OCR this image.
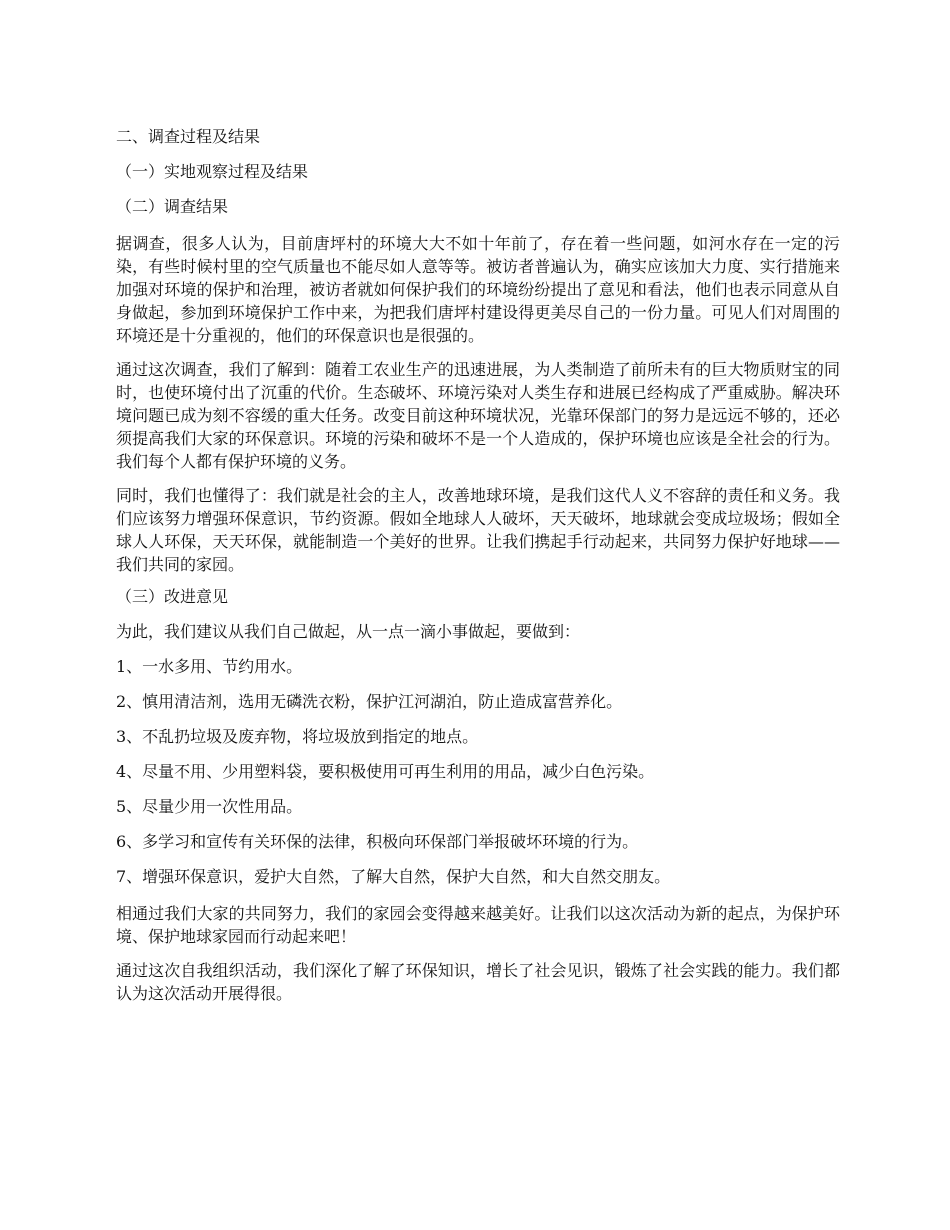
二、调查过程及结果
（一）实地观察过程及结果
（二）调查结果
据调查，很多人认为，目前唐坪村的环境大大不如十年前了，存在着一些问题，如河水存在一定的污染，有些时候村里的空气质量也不能尽如人意等等。被访者普遍认为，确实应该加大力度、实行措施来加强对环境的保护和治理，被访者就如何保护我们的环境纷纷提出了意见和看法，他们也表示同意从自身做起，参加到环境保护工作中来，为把我们唐坪村建设得更美尽自己的一份力量。可见人们对周围的环境还是十分重视的，他们的环保意识也是很强的。
通过这次调查，我们了解到：随着工农业生产的迅速进展，为人类制造了前所未有的巨大物质财宝的同时，也使环境付出了沉重的代价。生态破坏、环境污染对人类生存和进展已经构成了严重威胁。解决环境问题已成为刻不容缓的重大任务。改变目前这种环境状况，光靠环保部门的努力是远远不够的，还必须提高我们大家的环保意识。环境的污染和破坏不是一个人造成的，保护环境也应该是全社会的行为。我们每个人都有保护环境的义务。
同时，我们也懂得了：我们就是社会的主人，改善地球环境，是我们这代人义不容辞的责任和义务。我们应该努力增强环保意识，节约资源。假如全地球人人破坏，天天破坏，地球就会变成垃圾场；假如全球人人环保，天天环保，就能制造一个美好的世界。让我们携起手行动起来，共同努力保护好地球——我们共同的家园。
（三）改进意见
为此，我们建议从我们自己做起，从一点一滴小事做起，要做到：
1、一水多用、节约用水。
2、慎用清洁剂，选用无磷洗衣粉，保护江河湖泊，防止造成富营养化。
3、不乱扔垃圾及废弃物，将垃圾放到指定的地点。
4、尽量不用、少用塑料袋，要积极使用可再生利用的用品，减少白色污染。
5、尽量少用一次性用品。
6、多学习和宣传有关环保的法律，积极向环保部门举报破坏环境的行为。
7、增强环保意识，爱护大自然，了解大自然，保护大自然，和大自然交朋友。
相通过我们大家的共同努力，我们的家园会变得越来越美好。让我们以这次活动为新的起点，为保护环境、保护地球家园而行动起来吧！
通过这次自我组织活动，我们深化了解了环保知识，增长了社会见识，锻炼了社会实践的能力。我们都认为这次活动开展得很。
